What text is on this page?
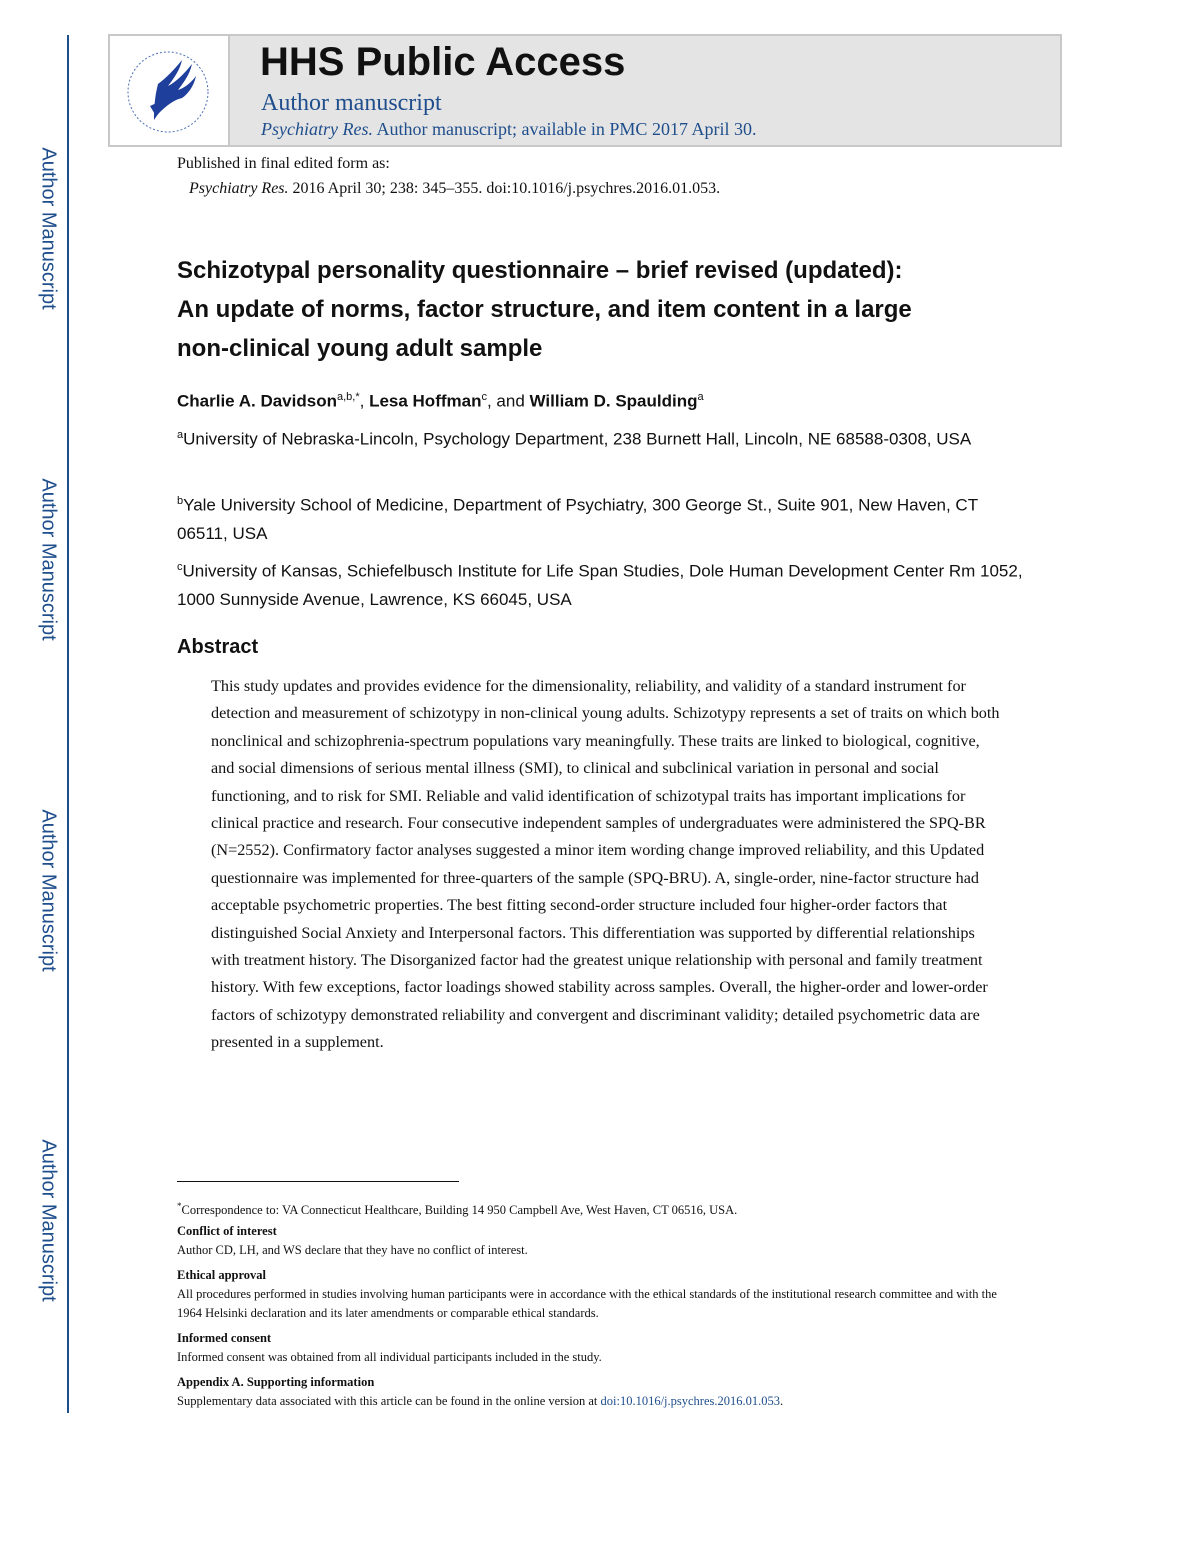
Author Manuscript
Author Manuscript
Author Manuscript
Author Manuscript
HHS Public Access
Author manuscript
Psychiatry Res. Author manuscript; available in PMC 2017 April 30.
Published in final edited form as:
Psychiatry Res. 2016 April 30; 238: 345–355. doi:10.1016/j.psychres.2016.01.053.
Schizotypal personality questionnaire – brief revised (updated):
An update of norms, factor structure, and item content in a large
non-clinical young adult sample
Charlie A. Davidson$^{a,b,*}$, Lesa Hoffman$^c$, and William D. Spaulding$^a$
$^a$University of Nebraska-Lincoln, Psychology Department, 238 Burnett Hall, Lincoln, NE 68588-0308, USA
$^b$Yale University School of Medicine, Department of Psychiatry, 300 George St., Suite 901, New Haven, CT 06511, USA
$^c$University of Kansas, Schiefelbusch Institute for Life Span Studies, Dole Human Development Center Rm 1052, 1000 Sunnyside Avenue, Lawrence, KS 66045, USA
Abstract

This study updates and provides evidence for the dimensionality, reliability, and validity of a standard instrument for detection and measurement of schizotypy in non-clinical young adults. Schizotypy represents a set of traits on which both nonclinical and schizophrenia-spectrum populations vary meaningfully. These traits are linked to biological, cognitive, and social dimensions of serious mental illness (SMI), to clinical and subclinical variation in personal and social functioning, and to risk for SMI. Reliable and valid identification of schizotypal traits has important implications for clinical practice and research. Four consecutive independent samples of undergraduates were administered the SPQ-BR (N=2552). Confirmatory factor analyses suggested a minor item wording change improved reliability, and this Updated questionnaire was implemented for three-quarters of the sample (SPQ-BRU). A, single-order, nine-factor structure had acceptable psychometric properties. The best fitting second-order structure included four higher-order factors that distinguished Social Anxiety and Interpersonal factors. This differentiation was supported by differential relationships with treatment history. The Disorganized factor had the greatest unique relationship with personal and family treatment history. With few exceptions, factor loadings showed stability across samples. Overall, the higher-order and lower-order factors of schizotypy demonstrated reliability and convergent and discriminant validity; detailed psychometric data are presented in a supplement.

*Correspondence to: VA Connecticut Healthcare, Building 14 950 Campbell Ave, West Haven, CT 06516, USA.
Conflict of interest
Author CD, LH, and WS declare that they have no conflict of interest.
Ethical approval
All procedures performed in studies involving human participants were in accordance with the ethical standards of the institutional research committee and with the 1964 Helsinki declaration and its later amendments or comparable ethical standards.
Informed consent
Informed consent was obtained from all individual participants included in the study.
Appendix A. Supporting information
Supplementary data associated with this article can be found in the online version at doi:10.1016/j.psychres.2016.01.053.
